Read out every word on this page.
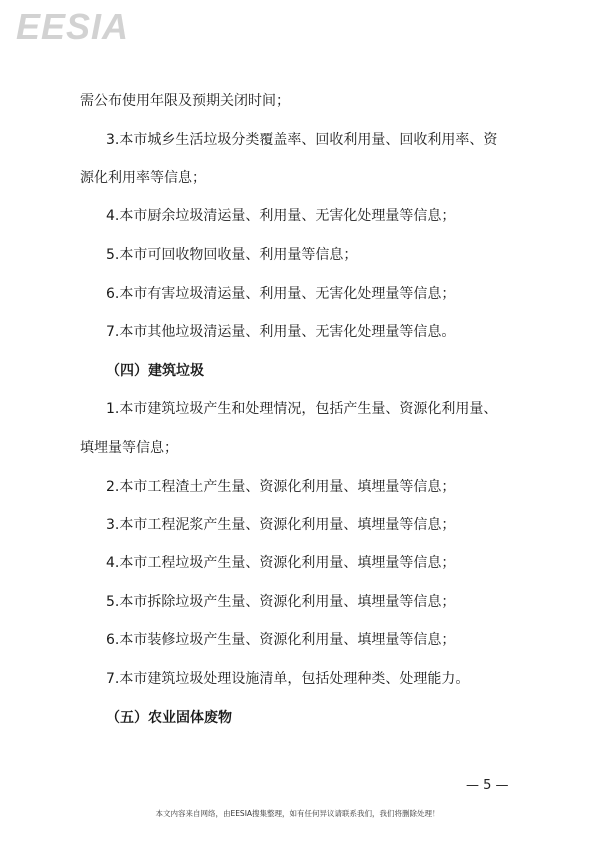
EESIA
需公布使用年限及预期关闭时间；
3.本市城乡生活垃圾分类覆盖率、回收利用量、回收利用率、资
源化利用率等信息；
4.本市厨余垃圾清运量、利用量、无害化处理量等信息；
5.本市可回收物回收量、利用量等信息；
6.本市有害垃圾清运量、利用量、无害化处理量等信息；
7.本市其他垃圾清运量、利用量、无害化处理量等信息。
（四）建筑垃圾
1.本市建筑垃圾产生和处理情况，包括产生量、资源化利用量、
填埋量等信息；
2.本市工程渣土产生量、资源化利用量、填埋量等信息；
3.本市工程泥浆产生量、资源化利用量、填埋量等信息；
4.本市工程垃圾产生量、资源化利用量、填埋量等信息；
5.本市拆除垃圾产生量、资源化利用量、填埋量等信息；
6.本市装修垃圾产生量、资源化利用量、填埋量等信息；
7.本市建筑垃圾处理设施清单，包括处理种类、处理能力。
（五）农业固体废物
— 5 —
本文内容来自网络，由EESIA搜集整理，如有任何异议请联系我们，我们将删除处理！
